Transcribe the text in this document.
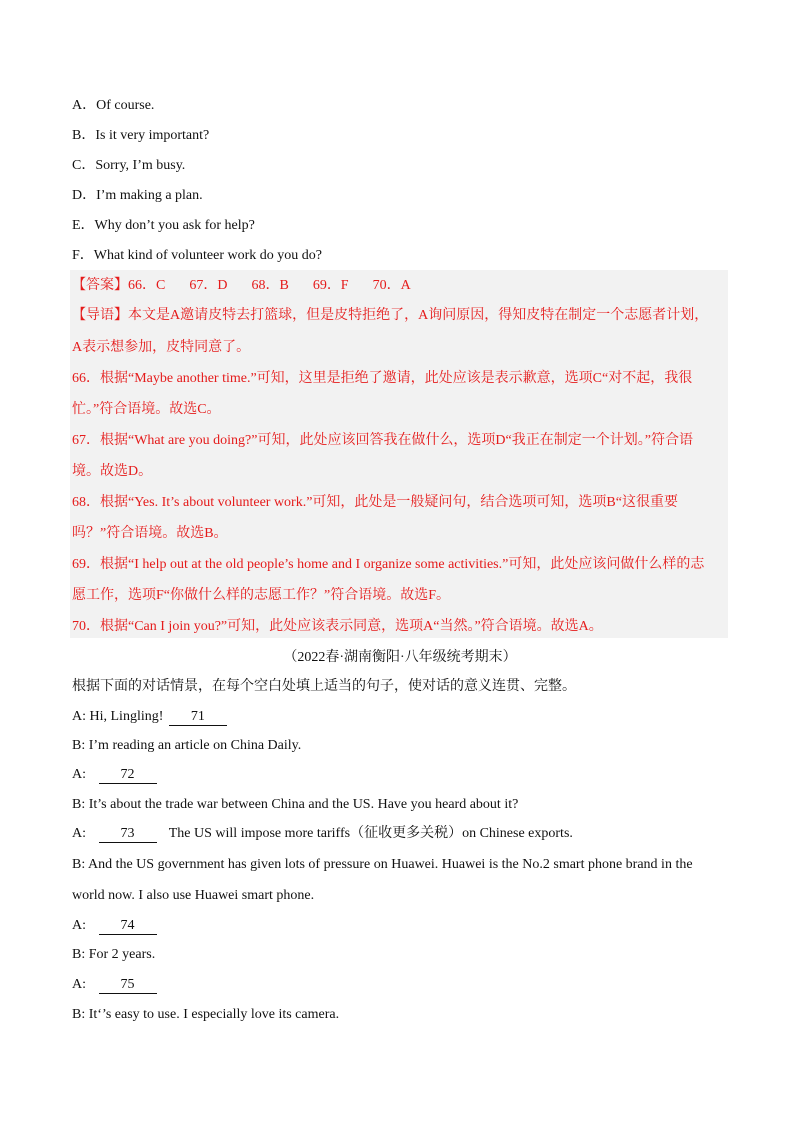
A．Of course.
B．Is it very important?
C．Sorry, I’m busy.
D．I’m making a plan.
E．Why don’t you ask for help?
F．What kind of volunteer work do you do?
【答案】66．C 67．D 68．B 69．F 70．A
【导语】本文是A邀请皮特去打篮球，但是皮特拒绝了，A询问原因，得知皮特在制定一个志愿者计划，
A表示想参加，皮特同意了。
66．根据“Maybe another time.”可知，这里是拒绝了邀请，此处应该是表示歉意，选项C“对不起，我很
忙。”符合语境。故选C。
67．根据“What are you doing?”可知，此处应该回答我在做什么，选项D“我正在制定一个计划。”符合语
境。故选D。
68．根据“Yes. It’s about volunteer work.”可知，此处是一般疑问句，结合选项可知，选项B“这很重要
吗？”符合语境。故选B。
69．根据“I help out at the old people’s home and I organize some activities.”可知，此处应该问做什么样的志
愿工作，选项F“你做什么样的志愿工作？”符合语境。故选F。
70．根据“Can I join you?”可知，此处应该表示同意，选项A“当然。”符合语境。故选A。
（2022春·湖南衡阳·八年级统考期末）
根据下面的对话情景，在每个空白处填上适当的句子，使对话的意义连贯、完整。
A: Hi, Lingling! 71
B: I’m reading an article on China Daily.
A: 72
B: It’s about the trade war between China and the US. Have you heard about it?
A: 73 The US will impose more tariffs（征收更多关税）on Chinese exports.
B: And the US government has given lots of pressure on Huawei. Huawei is the No.2 smart phone brand in the
world now. I also use Huawei smart phone.
A: 74
B: For 2 years.
A: 75
B: It‘’s easy to use. I especially love its camera.
